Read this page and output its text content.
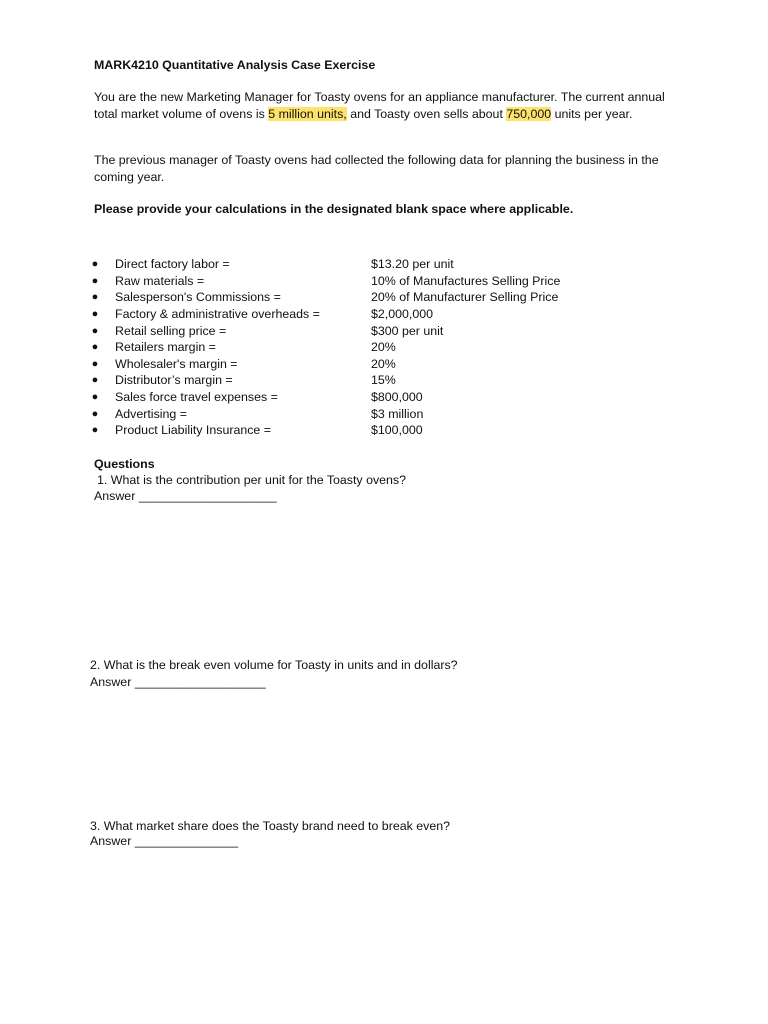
MARK4210 Quantitative Analysis Case Exercise
You are the new Marketing Manager for Toasty ovens for an appliance manufacturer. The current annual total market volume of ovens is 5 million units, and Toasty oven sells about 750,000 units per year.
The previous manager of Toasty ovens had collected the following data for planning the business in the coming year.
Please provide your calculations in the designated blank space where applicable.
● Direct factory labor =	$13.20 per unit
● Raw materials =	10% of Manufactures Selling Price
● Salesperson's Commissions =	20% of Manufacturer Selling Price
● Factory & administrative overheads =	$2,000,000
● Retail selling price =	$300 per unit
● Retailers margin =	20%
● Wholesaler's margin =	20%
● Distributor’s margin =	15%
● Sales force travel expenses =	$800,000
● Advertising =	$3 million
● Product Liability Insurance =	$100,000
Questions
1. What is the contribution per unit for the Toasty ovens?
Answer ____________________
2. What is the break even volume for Toasty in units and in dollars?
Answer ___________________
3. What market share does the Toasty brand need to break even?
Answer _______________
